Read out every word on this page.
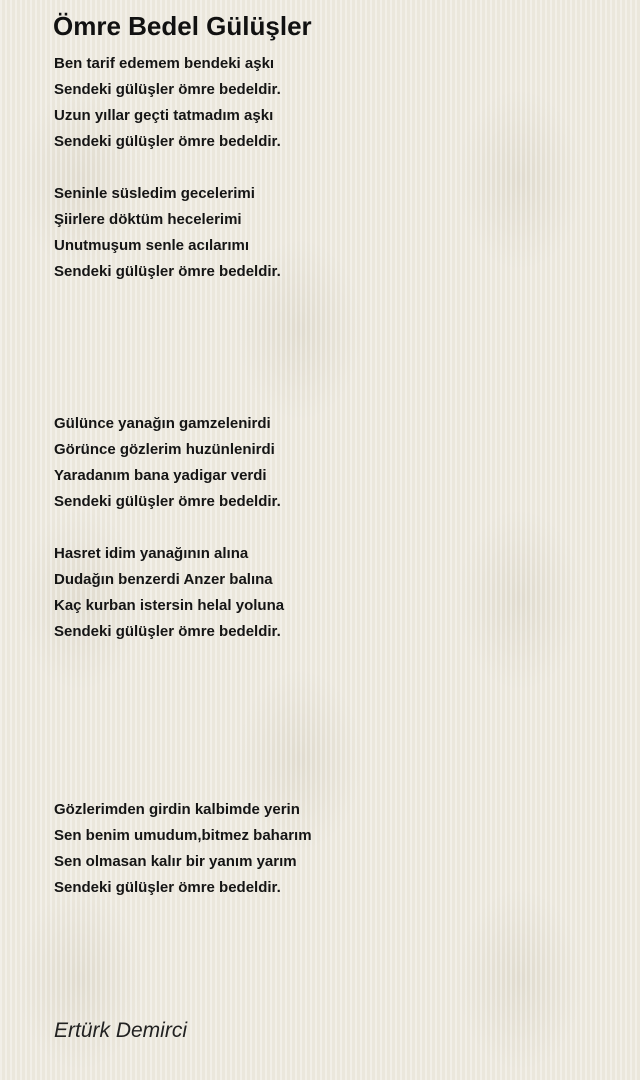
Ömre Bedel Gülüşler
Ben tarif edemem bendeki aşkı
Sendeki gülüşler ömre bedeldir.
Uzun yıllar geçti tatmadım aşkı
Sendeki gülüşler ömre bedeldir.
Seninle süsledim gecelerimi
Şiirlere döktüm hecelerimi
Unutmuşum senle acılarımı
Sendeki gülüşler ömre bedeldir.
Gülünce yanağın gamzelenirdi
Görünce gözlerim huzünlenirdi
Yaradanım bana yadigar verdi
Sendeki gülüşler ömre bedeldir.
Hasret idim yanağının alına
Dudağın benzerdi Anzer balına
Kaç kurban istersin helal yoluna
Sendeki gülüşler ömre bedeldir.
Gözlerimden girdin kalbimde yerin
Sen benim umudum,bitmez baharım
Sen olmasan kalır bir yanım yarım
Sendeki gülüşler ömre bedeldir.
Ertürk Demirci
